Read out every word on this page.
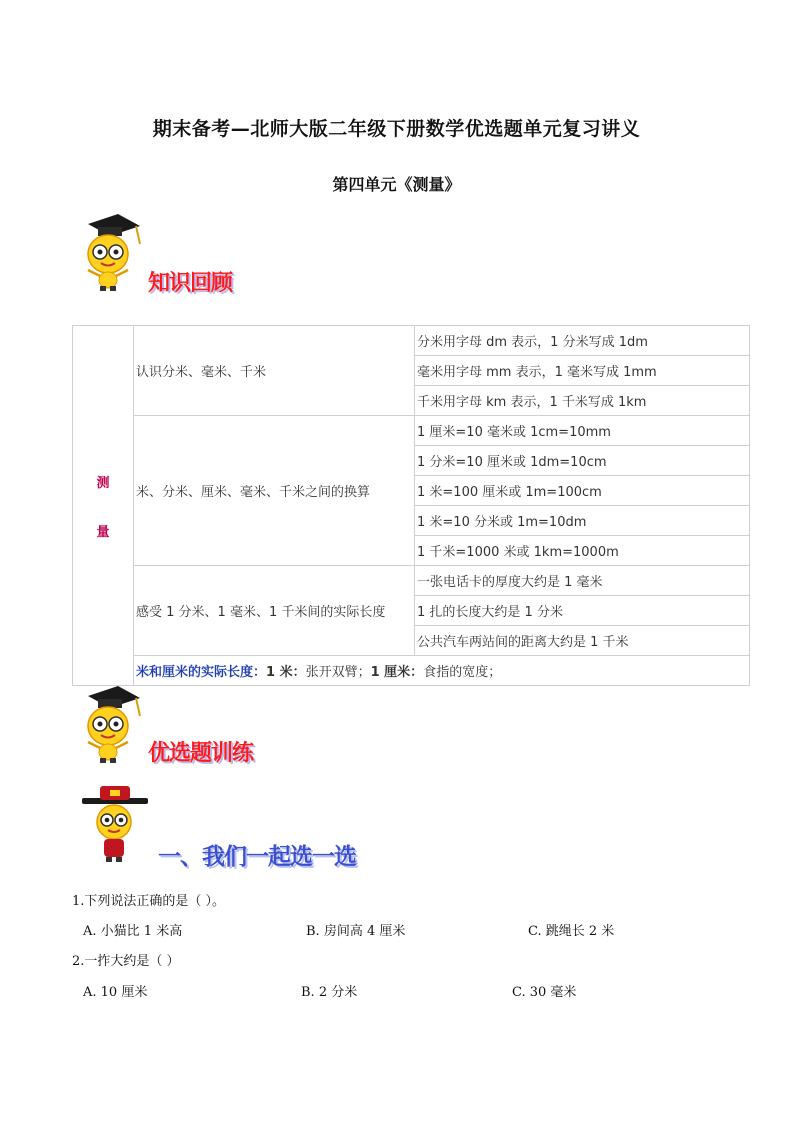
期末备考—北师大版二年级下册数学优选题单元复习讲义
第四单元《测量》
知识回顾
测
量	认识分米、毫米、千米	分米用字母 dm 表示，1 分米写成 1dm
		毫米用字母 mm 表示，1 毫米写成 1mm
		千米用字母 km 表示，1 千米写成 1km
	米、分米、厘米、毫米、千米之间的换算	1 厘米=10 毫米或 1cm=10mm
		1 分米=10 厘米或 1dm=10cm
		1 米=100 厘米或 1m=100cm
		1 米=10 分米或 1m=10dm
		1 千米=1000 米或 1km=1000m
	感受 1 分米、1 毫米、1 千米间的实际长度	一张电话卡的厚度大约是 1 毫米
		1 扎的长度大约是 1 分米
		公共汽车两站间的距离大约是 1 千米
	米和厘米的实际长度：1 米：张开双臂；1 厘米：食指的宽度；	
优选题训练
一、我们一起选一选
1.下列说法正确的是（ ）。
A. 小猫比 1 米高	B. 房间高 4 厘米	C. 跳绳长 2 米
2.一拃大约是（ ）
A. 10 厘米	B. 2 分米	C. 30 毫米
